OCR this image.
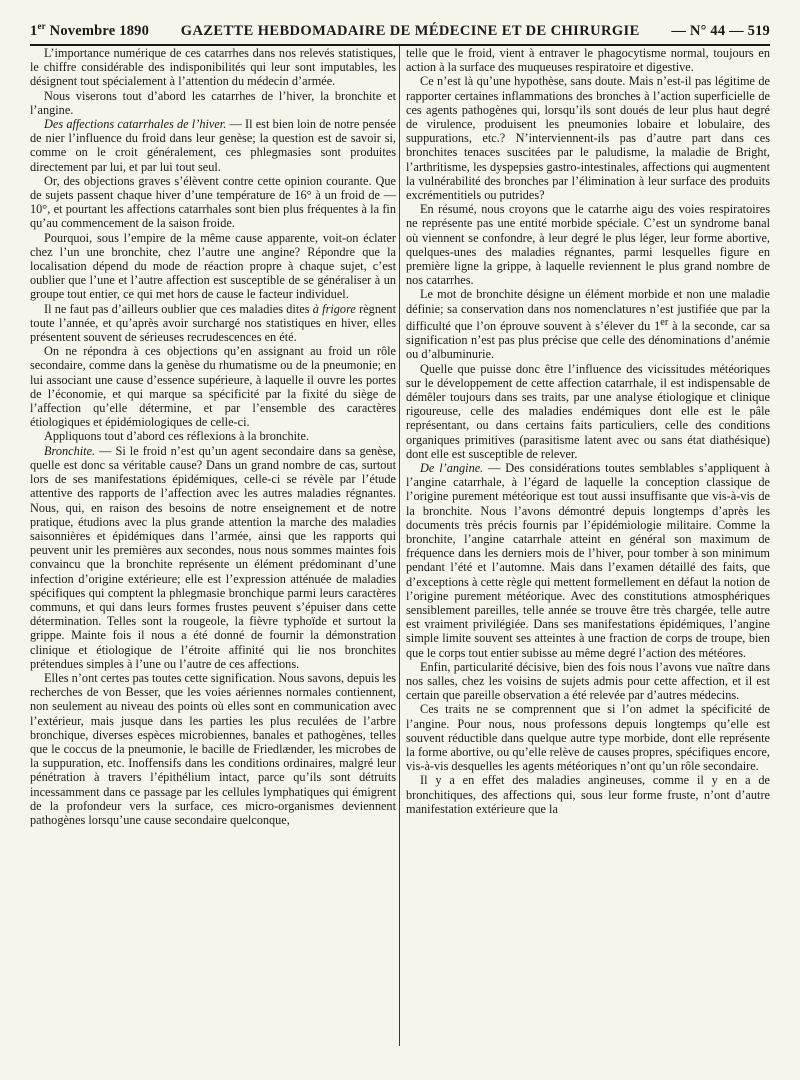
1er Novembre 1890 GAZETTE HEBDOMADAIRE DE MÉDECINE ET DE CHIRURGIE — N° 44 — 519

L’importance numérique de ces catarrhes dans nos relevés statistiques, le chiffre considérable des indisponibilités qui leur sont imputables, les désignent tout spécialement à l’attention du médecin d’armée.

Nous viserons tout d’abord les catarrhes de l’hiver, la bronchite et l’angine.

Des affections catarrhales de l’hiver. — Il est bien loin de notre pensée de nier l’influence du froid dans leur genèse; la question est de savoir si, comme on le croit généralement, ces phlegmasies sont produites directement par lui, et par lui tout seul.

Or, des objections graves s’élèvent contre cette opinion courante. Que de sujets passent chaque hiver d’une température de 16° à un froid de —10°, et pourtant les affections catarrhales sont bien plus fréquentes à la fin qu’au commencement de la saison froide.

Pourquoi, sous l’empire de la même cause apparente, voit-on éclater chez l’un une bronchite, chez l’autre une angine? Répondre que la localisation dépend du mode de réaction propre à chaque sujet, c’est oublier que l’une et l’autre affection est susceptible de se généraliser à un groupe tout entier, ce qui met hors de cause le facteur individuel.

Il ne faut pas d’ailleurs oublier que ces maladies dites à frigore règnent toute l’année, et qu’après avoir surchargé nos statistiques en hiver, elles présentent souvent de sérieuses recrudescences en été.

On ne répondra à ces objections qu’en assignant au froid un rôle secondaire, comme dans la genèse du rhumatisme ou de la pneumonie; en lui associant une cause d’essence supérieure, à laquelle il ouvre les portes de l’économie, et qui marque sa spécificité par la fixité du siège de l’affection qu’elle détermine, et par l’ensemble des caractères étiologiques et épidémiologiques de celle-ci.

Appliquons tout d’abord ces réflexions à la bronchite.

Bronchite. — Si le froid n’est qu’un agent secondaire dans sa genèse, quelle est donc sa véritable cause? Dans un grand nombre de cas, surtout lors de ses manifestations épidémiques, celle-ci se révèle par l’étude attentive des rapports de l’affection avec les autres maladies régnantes. Nous, qui, en raison des besoins de notre enseignement et de notre pratique, étudions avec la plus grande attention la marche des maladies saisonnières et épidémiques dans l’armée, ainsi que les rapports qui peuvent unir les premières aux secondes, nous nous sommes maintes fois convaincu que la bronchite représente un élément prédominant d’une infection d’origine extérieure; elle est l’expression atténuée de maladies spécifiques qui comptent la phlegmasie bronchique parmi leurs caractères communs, et qui dans leurs formes frustes peuvent s’épuiser dans cette détermination. Telles sont la rougeole, la fièvre typhoïde et surtout la grippe. Mainte fois il nous a été donné de fournir la démonstration clinique et étiologique de l’étroite affinité qui lie nos bronchites prétendues simples à l’une ou l’autre de ces affections.

Elles n’ont certes pas toutes cette signification. Nous savons, depuis les recherches de von Besser, que les voies aériennes normales contiennent, non seulement au niveau des points où elles sont en communication avec l’extérieur, mais jusque dans les parties les plus reculées de l’arbre bronchique, diverses espèces microbiennes, banales et pathogènes, telles que le coccus de la pneumonie, le bacille de Friedlænder, les microbes de la suppuration, etc. Inoffensifs dans les conditions ordinaires, malgré leur pénétration à travers l’épithélium intact, parce qu’ils sont détruits incessamment dans ce passage par les cellules lymphatiques qui émigrent de la profondeur vers la surface, ces micro-organismes deviennent pathogènes lorsqu’une cause secondaire quelconque,

telle que le froid, vient à entraver le phagocytisme normal, toujours en action à la surface des muqueuses respiratoire et digestive.

Ce n’est là qu’une hypothèse, sans doute. Mais n’est-il pas légitime de rapporter certaines inflammations des bronches à l’action superficielle de ces agents pathogènes qui, lorsqu’ils sont doués de leur plus haut degré de virulence, produisent les pneumonies lobaire et lobulaire, des suppurations, etc.? N’interviennent-ils pas d’autre part dans ces bronchites tenaces suscitées par le paludisme, la maladie de Bright, l’arthritisme, les dyspepsies gastro-intestinales, affections qui augmentent la vulnérabilité des bronches par l’élimination à leur surface des produits excrémentitiels ou putrides?

En résumé, nous croyons que le catarrhe aigu des voies respiratoires ne représente pas une entité morbide spéciale. C’est un syndrome banal où viennent se confondre, à leur degré le plus léger, leur forme abortive, quelques-unes des maladies régnantes, parmi lesquelles figure en première ligne la grippe, à laquelle reviennent le plus grand nombre de nos catarrhes.

Le mot de bronchite désigne un élément morbide et non une maladie définie; sa conservation dans nos nomenclatures n’est justifiée que par la difficulté que l’on éprouve souvent à s’élever du 1er à la seconde, car sa signification n’est pas plus précise que celle des dénominations d’anémie ou d’albuminurie.

Quelle que puisse donc être l’influence des vicissitudes météoriques sur le développement de cette affection catarrhale, il est indispensable de démêler toujours dans ses traits, par une analyse étiologique et clinique rigoureuse, celle des maladies endémiques dont elle est le pâle représentant, ou dans certains faits particuliers, celle des conditions organiques primitives (parasitisme latent avec ou sans état diathésique) dont elle est susceptible de relever.

De l’angine. — Des considérations toutes semblables s’appliquent à l’angine catarrhale, à l’égard de laquelle la conception classique de l’origine purement météorique est tout aussi insuffisante que vis-à-vis de la bronchite. Nous l’avons démontré depuis longtemps d’après les documents très précis fournis par l’épidémiologie militaire. Comme la bronchite, l’angine catarrhale atteint en général son maximum de fréquence dans les derniers mois de l’hiver, pour tomber à son minimum pendant l’été et l’automne. Mais dans l’examen détaillé des faits, que d’exceptions à cette règle qui mettent formellement en défaut la notion de l’origine purement météorique. Avec des constitutions atmosphériques sensiblement pareilles, telle année se trouve être très chargée, telle autre est vraiment privilégiée. Dans ses manifestations épidémiques, l’angine simple limite souvent ses atteintes à une fraction de corps de troupe, bien que le corps tout entier subisse au même degré l’action des météores.

Enfin, particularité décisive, bien des fois nous l’avons vue naître dans nos salles, chez les voisins de sujets admis pour cette affection, et il est certain que pareille observation a été relevée par d’autres médecins.

Ces traits ne se comprennent que si l’on admet la spécificité de l’angine. Pour nous, nous professons depuis longtemps qu’elle est souvent réductible dans quelque autre type morbide, dont elle représente la forme abortive, ou qu’elle relève de causes propres, spécifiques encore, vis-à-vis desquelles les agents météoriques n’ont qu’un rôle secondaire.

Il y a en effet des maladies angineuses, comme il y en a de bronchitiques, des affections qui, sous leur forme fruste, n’ont d’autre manifestation extérieure que la
